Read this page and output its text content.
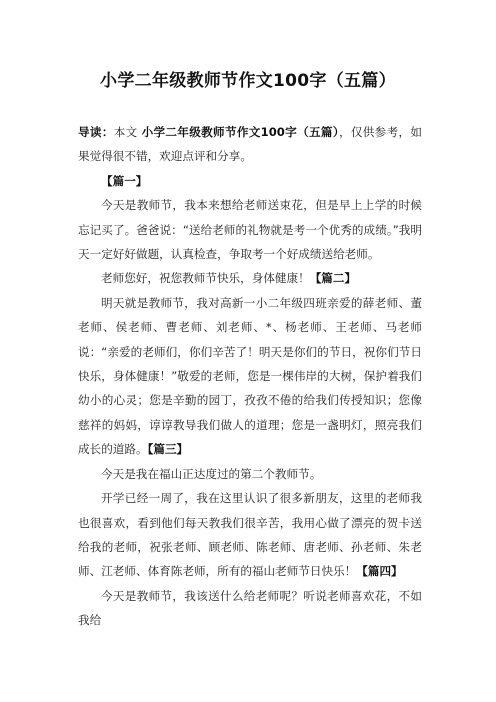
小学二年级教师节作文100字（五篇）

导读：本文 小学二年级教师节作文100字（五篇），仅供参考，如果觉得很不错，欢迎点评和分享。

【篇一】

今天是教师节，我本来想给老师送束花，但是早上上学的时候忘记买了。爸爸说：“送给老师的礼物就是考一个优秀的成绩。”我明天一定好好做题，认真检查，争取考一个好成绩送给老师。

老师您好，祝您教师节快乐，身体健康！【篇二】

明天就是教师节，我对高新一小二年级四班亲爱的薛老师、董老师、侯老师、曹老师、刘老师、*、杨老师、王老师、马老师说：“亲爱的老师们，你们辛苦了！明天是你们的节日，祝你们节日快乐，身体健康！”敬爱的老师，您是一棵伟岸的大树，保护着我们幼小的心灵；您是辛勤的园丁，孜孜不倦的给我们传授知识；您像慈祥的妈妈，谆谆教导我们做人的道理；您是一盏明灯，照亮我们成长的道路。【篇三】

今天是我在福山正达度过的第二个教师节。

开学已经一周了，我在这里认识了很多新朋友，这里的老师我也很喜欢，看到他们每天教我们很辛苦，我用心做了漂亮的贺卡送给我的老师，祝张老师、顾老师、陈老师、唐老师、孙老师、朱老师、江老师、体育陈老师，所有的福山老师节日快乐！【篇四】

今天是教师节，我该送什么给老师呢？听说老师喜欢花，不如我给
